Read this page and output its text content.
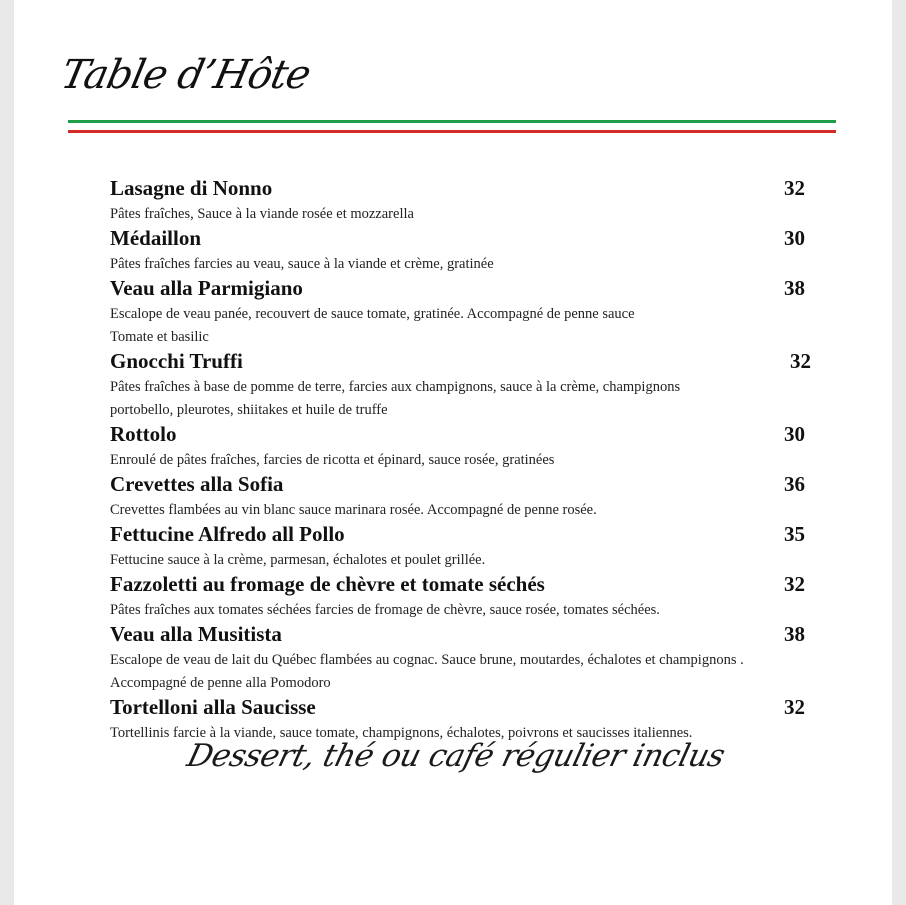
Table d’Hôte
Lasagne di Nonno	32
Pâtes fraîches, Sauce à la viande rosée et mozzarella
Médaillon	30
Pâtes fraîches farcies au veau, sauce à la viande et crème, gratinée
Veau alla Parmigiano	38
Escalope de veau panée, recouvert de sauce tomate, gratinée. Accompagné de penne sauce
Tomate et basilic
Gnocchi Truffi	32
Pâtes fraîches à base de pomme de terre, farcies aux champignons, sauce à la crème, champignons
portobello, pleurotes, shiitakes et huile de truffe
Rottolo	30
Enroulé de pâtes fraîches, farcies de ricotta et épinard, sauce rosée, gratinées
Crevettes alla Sofia	36
Crevettes flambées au vin blanc sauce marinara rosée. Accompagné de penne rosée.
Fettucine Alfredo all Pollo	35
Fettucine sauce à la crème, parmesan, échalotes et poulet grillée.
Fazzoletti au fromage de chèvre et tomate séchés	32
Pâtes fraîches aux tomates séchées farcies de fromage de chèvre, sauce rosée, tomates séchées.
Veau alla Musitista	38
Escalope de veau de lait du Québec flambées au cognac. Sauce brune, moutardes, échalotes et champignons .
Accompagné de penne alla Pomodoro
Tortelloni alla Saucisse	32
Tortellinis farcie à la viande, sauce tomate, champignons, échalotes, poivrons et saucisses italiennes.
Dessert, thé ou café régulier inclus
